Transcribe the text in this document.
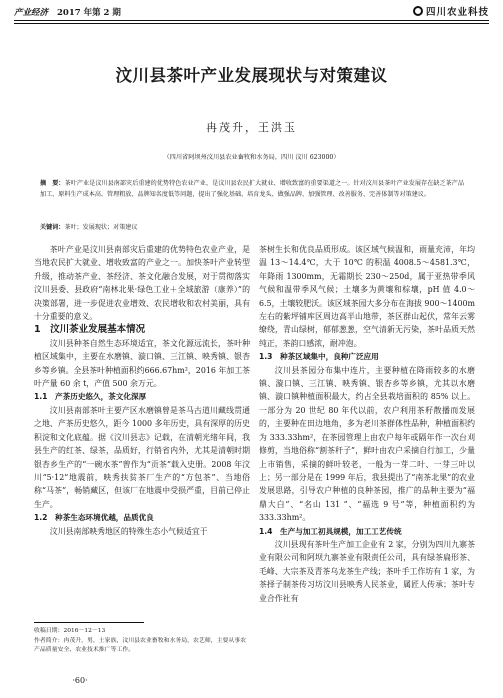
产业经济 2017 年第 2 期	四川农业科技
汶川县茶叶产业发展现状与对策建议
冉茂升，王洪玉
（四川省阿坝州汶川县农业畜牧和水务局，四川 汶川 623000）
摘　要：茶叶产业是汶川县南部灾后重建的优势特色农业产业，是汶川县农民扩大就业、增收致富的重要渠道之一。针对汶川县茶叶产业发展存在缺乏茶产品加工、原料生产成本高、管理粗放、品牌知名度低等问题，提出了强化基础、培育龙头、做强品牌、加强管理、改善服务、完善体制等对策建议。
关键词：茶叶；发展现状；对策建议

茶叶产业是汶川县南部灾后重建的优势特色农业产业，是当地农民扩大就业、增收致富的产业之一。加快茶叶产业转型升级，推动茶产业、茶经济、茶文化融合发展，对于贯彻落实汶川县委、县政府“南林北果·绿色工业＋全域旅游（康养）”的决策部署，进一步促进农业增效、农民增收和农村美丽，具有十分重要的意义。

1　汶川茶业发展基本情况

汶川县种茶自然生态环境适宜，茶文化源远流长，茶叶种植区域集中，主要在水磨镇、漩口镇、三江镇、映秀镇、银杏乡等乡镇。全县茶叶种植面积约666.67hm²，2016 年加工茶叶产量 60 余 t，产值 500 余万元。

1.1　产茶历史悠久，茶文化深厚

汶川县南部茶叶主要产区水磨镇曾是茶马古道川藏线贯通之地、产茶历史悠久，距今 1000 多年历史，具有深厚的历史积淀和文化底蕴。据《汶川县志》记载，在清朝光绪年间，我县生产的红茶、绿茶，品质好，行销省内外，尤其是清朝时期银杏乡生产的“一碗水茶”曾作为“贡茶”载入史册。2008 年汶川“5·12”地震前，映秀扶贫茶厂生产的“方包茶”、当地俗称“马茶”，畅销藏区，但该厂在地震中受损严重，目前已停止生产。

1.2　种茶生态环境优越，品质优良

汶川县南部映秀地区的特殊生态小气候适宜于

茶树生长和优良品质形成。该区域气候温和，雨量充沛，年均温 13～14.4℃，大于 10℃ 的积温 4008.5～4581.3℃，年降雨 1300mm，无霜期长 230～250d，属于亚热带季风气候和温带季风气候；土壤多为黄壤和棕壤，pH 值 4.0～6.5，土壤较肥沃。该区域茶园大多分布在海拔 900～1400m 左右的紫坪铺库区周边高半山地带，茶区群山起伏，常年云雾缭绕，青山绿树，郁郁葱葱，空气清新无污染，茶叶品质天然纯正，茶韵口感浓，耐冲泡。

1.3　种茶区域集中，良种广泛应用

汶川县茶园分布集中连片，主要种植在降雨较多的水磨镇、漩口镇、三江镇、映秀镇、银杏乡等乡镇，尤其以水磨镇、漩口镇种植面积最大，约占全县栽培面积的 85% 以上。一部分为 20 世纪 80 年代以前，农户利用茶籽散播而发展的，主要种在田边地角，多为老川茶群体性品种，种植面积约为 333.33hm²，在茶园管理上由农户每年或隔年作一次台刈修剪，当地俗称“割茶秆子”，鲜叶由农户采摘自行加工，少量上市销售，采摘的鲜叶较老，一般为一芽二叶、一芽三叶以上；另一部分是在 1999 年后，我县提出了“南茶北果”的农业发展思路，引导农户种植的良种茶园，推广的品种主要为“福鼎大白”、“名山 131 ”、“福选 9 号”等，种植面积约为 333.33hm²。

1.4　生产与加工初具规模，加工工艺传统

汶川县现有茶叶生产加工企业有 2 家，分别为四川九寨茶业有限公司和阿坝九寨茶业有限责任公司，具有绿茶扁形茶、毛峰、大宗茶及青茶乌龙茶生产线；茶叶手工作坊有 1 家，为茶择子制茶传习坊汶川县映秀人民茶业，属匠人传承；茶叶专业合作社有

收稿日期：2016－12－13
作者简介：冉茂升，男，土家族，汶川县农业畜牧和水务局，农艺师，主要从事农产品质量安全、农业技术推广等工作。
·60·
